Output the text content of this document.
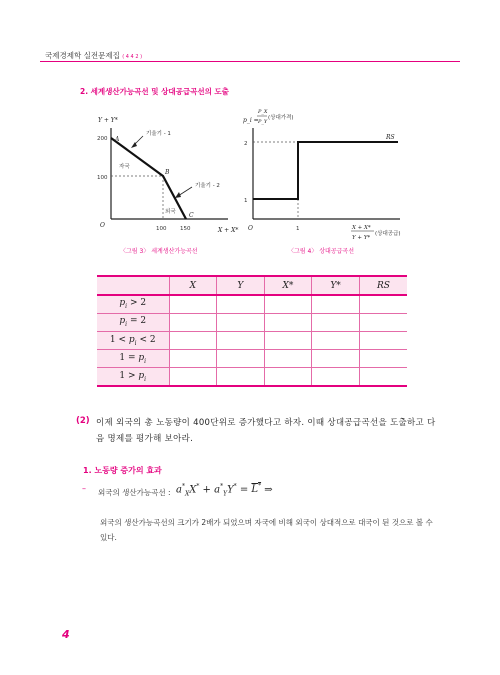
국제경제학 실전문제집 ( 4 4 2 )
2. 세계생산가능곡선 및 상대공급곡선의 도출
Y + Y*
200
100
O	100 150	X + X*
A
B
C
기울기 - 1
기울기 - 2
자국
외국
〈그림 3〉 세계생산가능곡선
p_i =
P_X
P_Y
(상대가격)
2
1
1
O
RS
X + X*
Y + Y*
(상대공급)
〈그림 4〉 상대공급곡선
	X	Y	X*	Y*	RS
$p_i > 2$					
$p_i = 2$					
$1 < p_i < 2$					
$1 = p_i$					
$1 > p_i$					
(2) 이제 외국의 총 노동량이 400단위로 증가했다고 하자. 이때 상대공급곡선을 도출하고 다
음 명제를 평가해 보아라.
1. 노동량 증가의 효과
– 외국의 생산가능곡선 : $a^*_XX^* + a^*_YY^* = L^*$ ⇒
외국의 생산가능곡선의 크기가 2배가 되었으며 자국에 비해 외국이 상대적으로 대국이 된 것으로 볼 수 있다.
4
